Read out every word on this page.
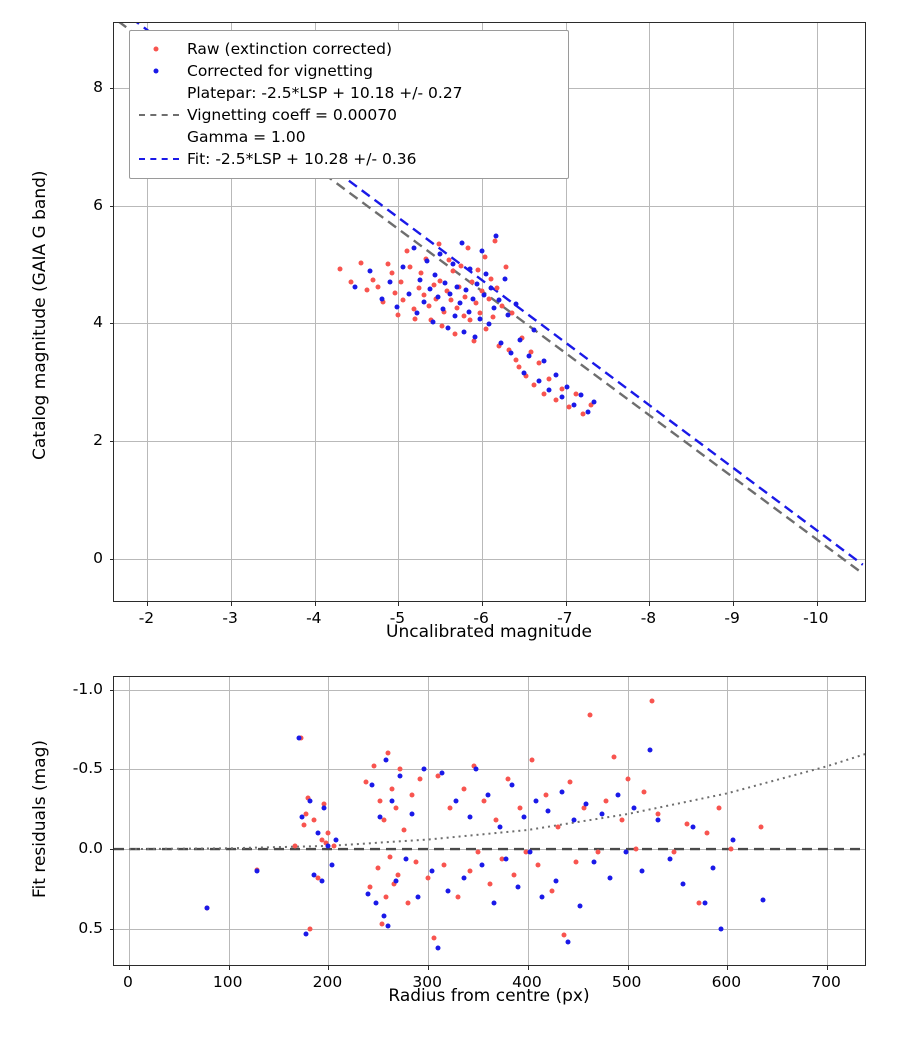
Uncalibrated magnitude
Catalog magnitude (GAIA G band)
Raw (extinction corrected)
Corrected for vignetting
Platepar: -2.5*LSP + 10.18 +/- 0.27
Vignetting coeff = 0.00070
Gamma = 1.00
Fit: -2.5*LSP + 10.28 +/- 0.36
Radius from centre (px)
Fit residuals (mag)
-2	-3	-4	-5	-6	-7	-8	-9	-10
0
2
4
6
8
0	100	200	300	400	500	600	700
-1.0
-0.5
0.0
0.5
